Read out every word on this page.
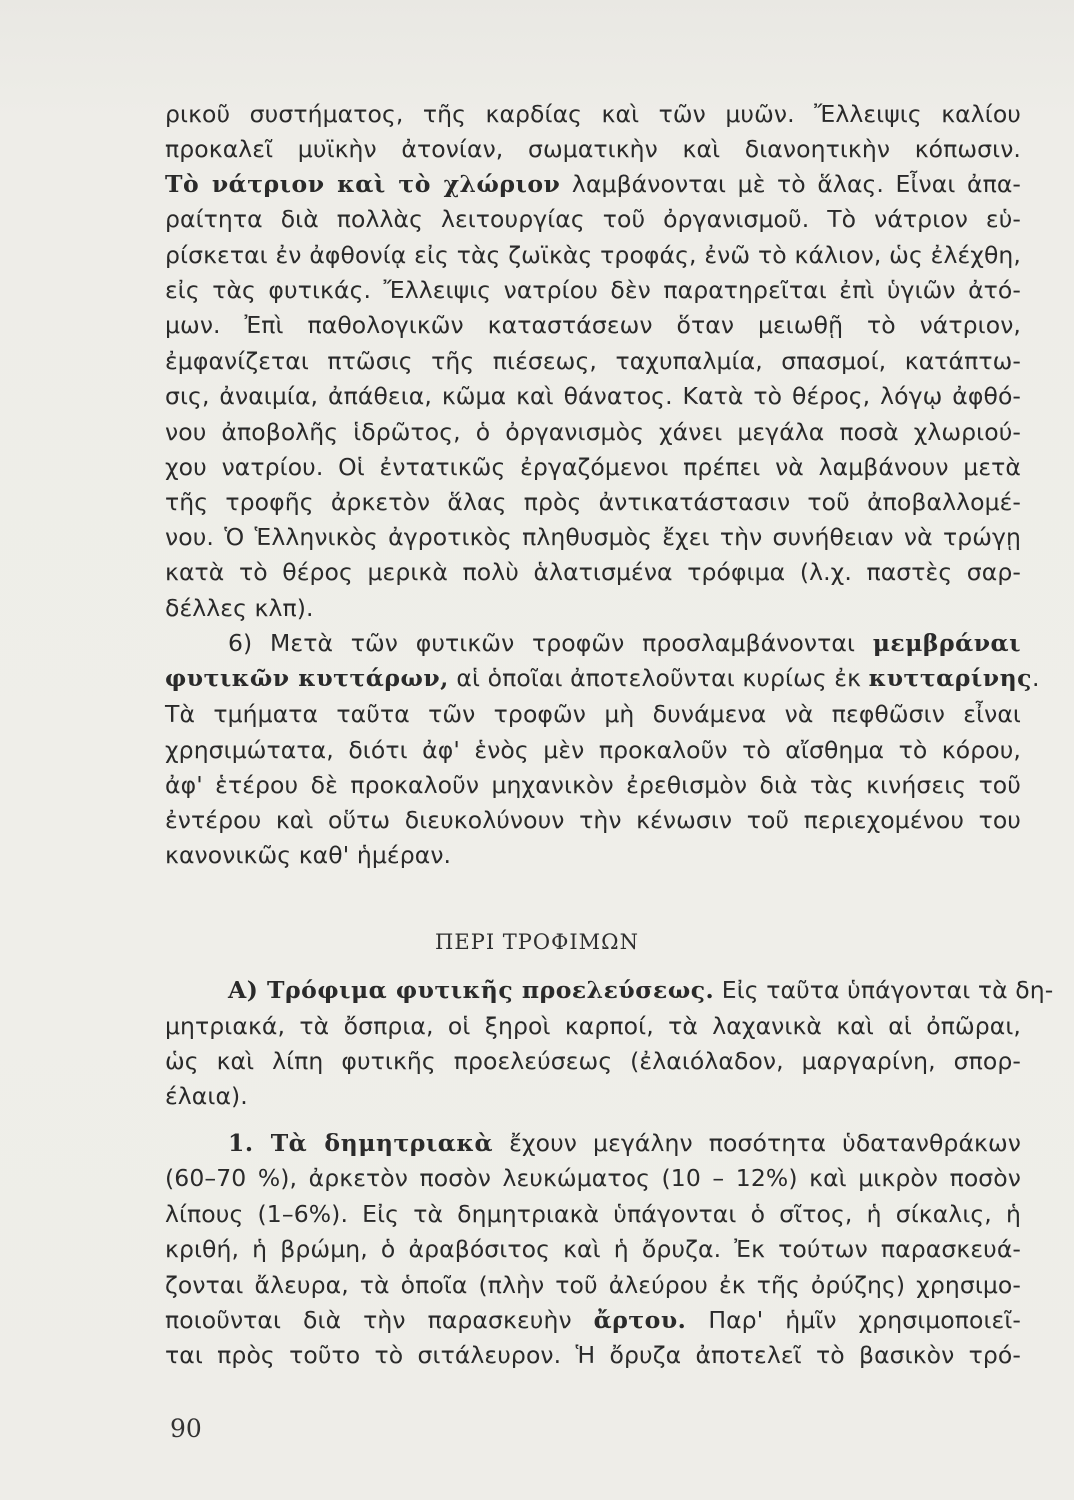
ρικοῦ συστήματος, τῆς καρδίας καὶ τῶν μυῶν. Ἔλλειψις καλίου
προκαλεῖ μυϊκὴν ἀτονίαν, σωματικὴν καὶ διανοητικὴν κόπωσιν.
Τὸ νάτριον καὶ τὸ χλώριον λαμβάνονται μὲ τὸ ἅλας. Εἶναι ἀπα-
ραίτητα διὰ πολλὰς λειτουργίας τοῦ ὀργανισμοῦ. Τὸ νάτριον εὑ-
ρίσκεται ἐν ἀφθονίᾳ εἰς τὰς ζωϊκὰς τροφάς, ἐνῶ τὸ κάλιον, ὡς ἐλέχθη,
εἰς τὰς φυτικάς. Ἔλλειψις νατρίου δὲν παρατηρεῖται ἐπὶ ὑγιῶν ἀτό-
μων. Ἐπὶ παθολογικῶν καταστάσεων ὅταν μειωθῇ τὸ νάτριον,
ἐμφανίζεται πτῶσις τῆς πιέσεως, ταχυπαλμία, σπασμοί, κατάπτω-
σις, ἀναιμία, ἀπάθεια, κῶμα καὶ θάνατος. Κατὰ τὸ θέρος, λόγῳ ἀφθό-
νου ἀποβολῆς ἱδρῶτος, ὁ ὀργανισμὸς χάνει μεγάλα ποσὰ χλωριού-
χου νατρίου. Οἱ ἐντατικῶς ἐργαζόμενοι πρέπει νὰ λαμβάνουν μετὰ
τῆς τροφῆς ἀρκετὸν ἅλας πρὸς ἀντικατάστασιν τοῦ ἀποβαλλομέ-
νου. Ὁ Ἑλληνικὸς ἀγροτικὸς πληθυσμὸς ἔχει τὴν συνήθειαν νὰ τρώγῃ
κατὰ τὸ θέρος μερικὰ πολὺ ἁλατισμένα τρόφιμα (λ.χ. παστὲς σαρ-
δέλλες κλπ).
6) Μετὰ τῶν φυτικῶν τροφῶν προσλαμβάνονται μεμβράναι
φυτικῶν κυττάρων, αἱ ὁποῖαι ἀποτελοῦνται κυρίως ἐκ κυτταρίνης.
Τὰ τμήματα ταῦτα τῶν τροφῶν μὴ δυνάμενα νὰ πεφθῶσιν εἶναι
χρησιμώτατα, διότι ἀφ' ἑνὸς μὲν προκαλοῦν τὸ αἴσθημα τὸ κόρου,
ἀφ' ἑτέρου δὲ προκαλοῦν μηχανικὸν ἐρεθισμὸν διὰ τὰς κινήσεις τοῦ
ἐντέρου καὶ οὕτω διευκολύνουν τὴν κένωσιν τοῦ περιεχομένου του
κανονικῶς καθ' ἡμέραν.
Α) Τρόφιμα φυτικῆς προελεύσεως. Εἰς ταῦτα ὑπάγονται τὰ δη-
μητριακά, τὰ ὄσπρια, οἱ ξηροὶ καρποί, τὰ λαχανικὰ καὶ αἱ ὀπῶραι,
ὡς καὶ λίπη φυτικῆς προελεύσεως (ἐλαιόλαδον, μαργαρίνη, σπορ-
έλαια).
1. Τὰ δημητριακὰ ἔχουν μεγάλην ποσότητα ὑδατανθράκων
(60–70 %), ἀρκετὸν ποσὸν λευκώματος (10 – 12%) καὶ μικρὸν ποσὸν
λίπους (1–6%). Εἰς τὰ δημητριακὰ ὑπάγονται ὁ σῖτος, ἡ σίκαλις, ἡ
κριθή, ἡ βρώμη, ὁ ἀραβόσιτος καὶ ἡ ὄρυζα. Ἐκ τούτων παρασκευά-
ζονται ἄλευρα, τὰ ὁποῖα (πλὴν τοῦ ἀλεύρου ἐκ τῆς ὀρύζης) χρησιμο-
ποιοῦνται διὰ τὴν παρασκευὴν ἄρτου. Παρ' ἡμῖν χρησιμοποιεῖ-
ται πρὸς τοῦτο τὸ σιτάλευρον. Ἡ ὄρυζα ἀποτελεῖ τὸ βασικὸν τρό-
ΠΕΡΙ ΤΡΟΦΙΜΩΝ
90
